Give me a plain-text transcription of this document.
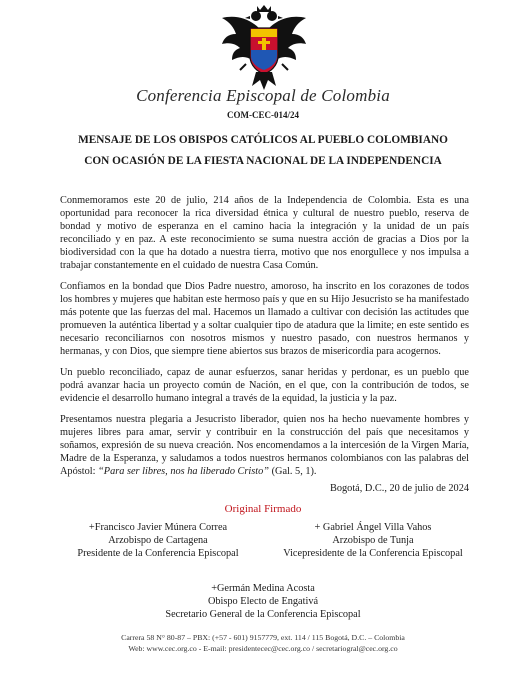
Conferencia Episcopal de Colombia
COM-CEC-014/24
MENSAJE DE LOS OBISPOS CATÓLICOS AL PUEBLO COLOMBIANO
CON OCASIÓN DE LA FIESTA NACIONAL DE LA INDEPENDENCIA

Conmemoramos este 20 de julio, 214 años de la Independencia de Colombia. Esta es una oportunidad para reconocer la rica diversidad étnica y cultural de nuestro pueblo, reserva de bondad y motivo de esperanza en el camino hacia la integración y la unidad de un país reconciliado y en paz. A este reconocimiento se suma nuestra acción de gracias a Dios por la biodiversidad con la que ha dotado a nuestra tierra, motivo que nos enorgullece y nos impulsa a trabajar constantemente en el cuidado de nuestra Casa Común.

Confiamos en la bondad que Dios Padre nuestro, amoroso, ha inscrito en los corazones de todos los hombres y mujeres que habitan este hermoso país y que en su Hijo Jesucristo se ha manifestado más potente que las fuerzas del mal. Hacemos un llamado a cultivar con decisión las actitudes que promueven la auténtica libertad y a soltar cualquier tipo de atadura que la limite; en este sentido es necesario reconciliarnos con nosotros mismos y nuestro pasado, con nuestros hermanos y hermanas, y con Dios, que siempre tiene abiertos sus brazos de misericordia para acogernos.

Un pueblo reconciliado, capaz de aunar esfuerzos, sanar heridas y perdonar, es un pueblo que podrá avanzar hacia un proyecto común de Nación, en el que, con la contribución de todos, se evidencie el desarrollo humano integral a través de la equidad, la justicia y la paz.

Presentamos nuestra plegaria a Jesucristo liberador, quien nos ha hecho nuevamente hombres y mujeres libres para amar, servir y contribuir en la construcción del país que necesitamos y soñamos, expresión de su nueva creación. Nos encomendamos a la intercesión de la Virgen María, Madre de la Esperanza, y saludamos a todos nuestros hermanos colombianos con las palabras del Apóstol: “Para ser libres, nos ha liberado Cristo” (Gal. 5, 1).

Bogotá, D.C., 20 de julio de 2024
Original Firmado
+Francisco Javier Múnera Correa
Arzobispo de Cartagena
Presidente de la Conferencia Episcopal
+ Gabriel Ángel Villa Vahos
Arzobispo de Tunja
Vicepresidente de la Conferencia Episcopal
+Germán Medina Acosta
Obispo Electo de Engativá
Secretario General de la Conferencia Episcopal
Carrera 58 N° 80-87 – PBX: (+57 - 601) 9157779, ext. 114 / 115 Bogotá, D.C. – Colombia
Web: www.cec.org.co - E-mail: presidentecec@cec.org.co / secretariogral@cec.org.co
